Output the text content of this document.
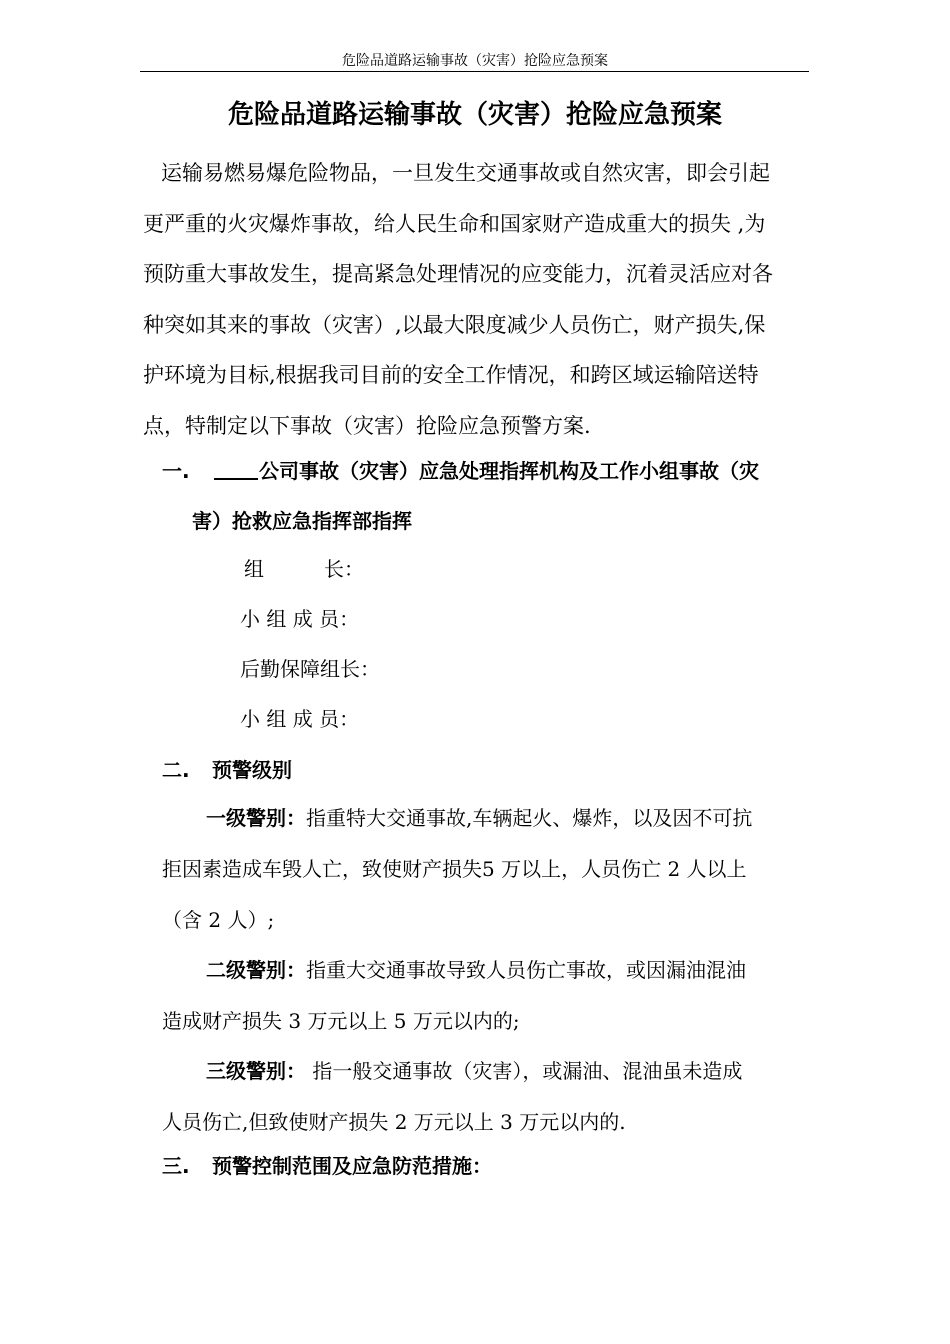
危险品道路运输事故（灾害）抢险应急预案
危险品道路运输事故（灾害）抢险应急预案

运输易燃易爆危险物品，一旦发生交通事故或自然灾害，即会引起
更严重的火灾爆炸事故，给人民生命和国家财产造成重大的损失 ,为
预防重大事故发生，提高紧急处理情况的应变能力，沉着灵活应对各
种突如其来的事故（灾害）,以最大限度减少人员伤亡，财产损失,保
护环境为目标,根据我司目前的安全工作情况，和跨区域运输陪送特
点，特制定以下事故（灾害）抢险应急预警方案.

一.	公司事故（灾害）应急处理指挥机构及工作小组事故（灾
害）抢救应急指挥部指挥
组　　　长：
小 组 成 员：
后勤保障组长：
小 组 成 员：
二. 预警级别

一级警别：指重特大交通事故,车辆起火、爆炸，以及因不可抗
拒因素造成车毁人亡，致使财产损失5 万以上，人员伤亡 2 人以上
（含 2 人）;

二级警别：指重大交通事故导致人员伤亡事故，或因漏油混油
造成财产损失 3 万元以上 5 万元以内的;

三级警别： 指一般交通事故（灾害），或漏油、混油虽未造成
人员伤亡,但致使财产损失 2 万元以上 3 万元以内的.

三. 预警控制范围及应急防范措施：
